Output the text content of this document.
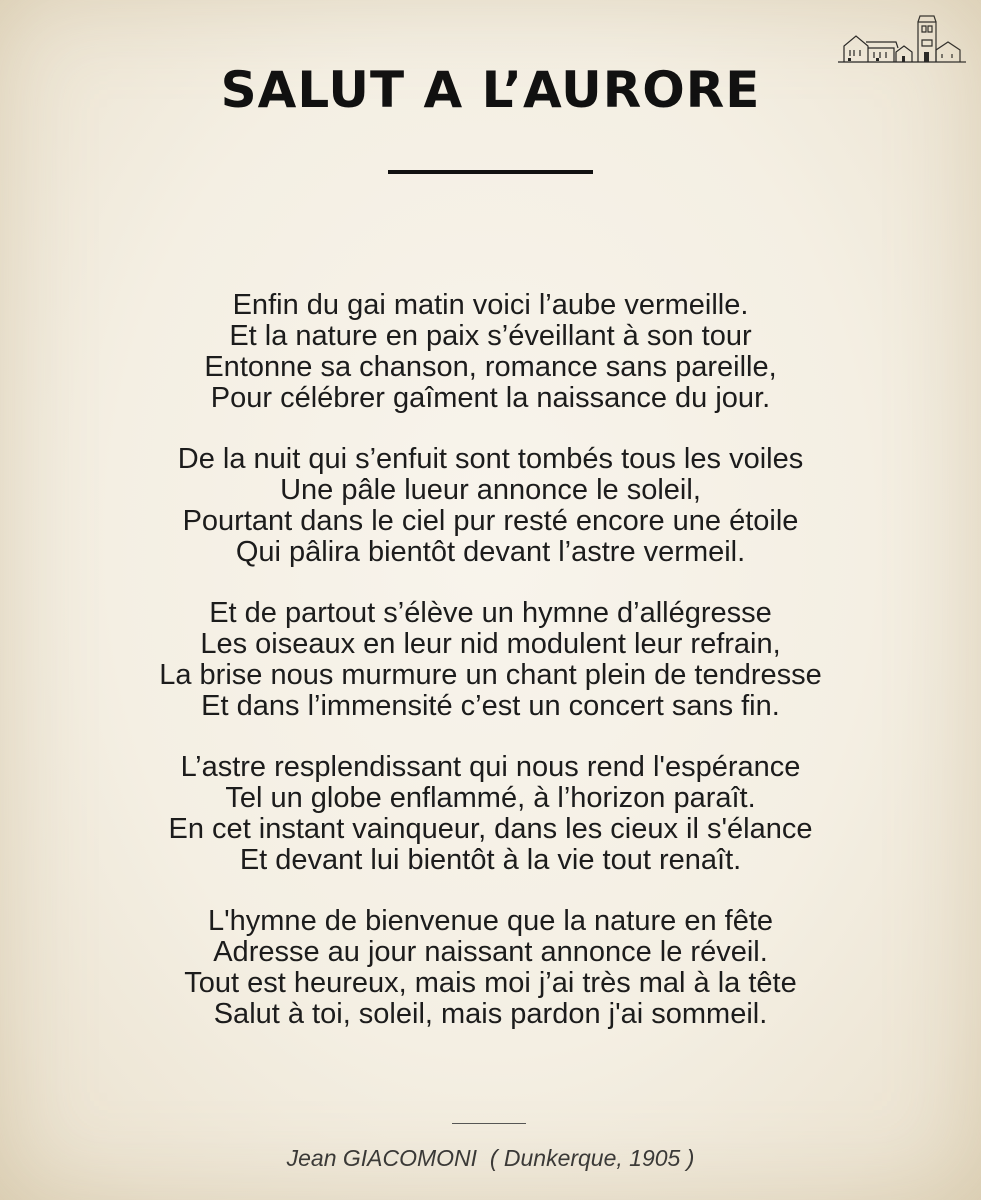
SALUT A L’AURORE
Enfin du gai matin voici l’aube vermeille.
Et la nature en paix s’éveillant à son tour
Entonne sa chanson, romance sans pareille,
Pour célébrer gaîment la naissance du jour.
De la nuit qui s’enfuit sont tombés tous les voiles
Une pâle lueur annonce le soleil,
Pourtant dans le ciel pur resté encore une étoile
Qui pâlira bientôt devant l’astre vermeil.
Et de partout s’élève un hymne d’allégresse
Les oiseaux en leur nid modulent leur refrain,
La brise nous murmure un chant plein de tendresse
Et dans l’immensité c’est un concert sans fin.
L’astre resplendissant qui nous rend l'espérance
Tel un globe enflammé, à l’horizon paraît.
En cet instant vainqueur, dans les cieux il s'élance
Et devant lui bientôt à la vie tout renaît.
L'hymne de bienvenue que la nature en fête
Adresse au jour naissant annonce le réveil.
Tout est heureux, mais moi j’ai très mal à la tête
Salut à toi, soleil, mais pardon j'ai sommeil.
Jean GIACOMONI  ( Dunkerque, 1905 )
